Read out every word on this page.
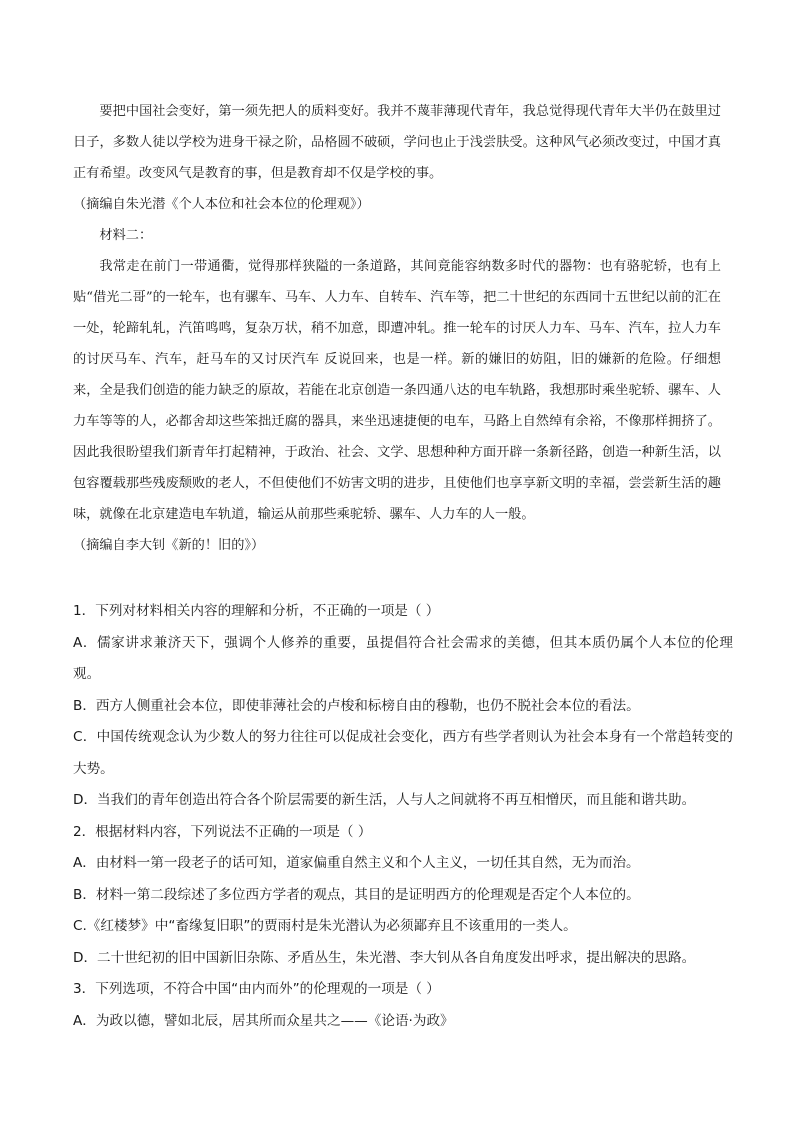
要把中国社会变好，第一须先把人的质料变好。我并不蔑菲薄现代青年，我总觉得现代青年大半仍在鼓里过日子，多数人徒以学校为进身干禄之阶，品格圆不破硕，学问也止于浅尝肤受。这种风气必须改变过，中国才真正有希望。改变风气是教育的事，但是教育却不仅是学校的事。

（摘编自朱光潜《个人本位和社会本位的伦理观》）

材料二：

我常走在前门一带通衢，觉得那样狭隘的一条道路，其间竟能容纳数多时代的器物：也有骆驼轿，也有上贴“借光二哥”的一轮车，也有骡车、马车、人力车、自转车、汽车等，把二十世纪的东西同十五世纪以前的汇在一处，轮蹄轧轧，汽笛鸣鸣，复杂万状，稍不加意，即遭冲轧。推一轮车的讨厌人力车、马车、汽车，拉人力车的讨厌马车、汽车，赶马车的又讨厌汽车 反说回来，也是一样。新的嫌旧的妨阻，旧的嫌新的危险。仔细想来，全是我们创造的能力缺乏的原故，若能在北京创造一条四通八达的电车轨路，我想那时乘坐驼轿、骡车、人力车等等的人，必都舍却这些笨拙迁腐的器具，来坐迅速捷便的电车，马路上自然绰有余裕，不像那样拥挤了。因此我很盼望我们新青年打起精神，于政治、社会、文学、思想种种方面开辟一条新径路，创造一种新生活，以包容覆载那些残废颓败的老人，不但使他们不妨害文明的进步，且使他们也享享新文明的幸福，尝尝新生活的趣味，就像在北京建造电车轨道，输运从前那些乘驼轿、骡车、人力车的人一般。

（摘编自李大钊《新的！旧的》）

1．下列对材料相关内容的理解和分析，不正确的一项是（ ）

A．儒家讲求兼济天下，强调个人修养的重要，虽提倡符合社会需求的美德，但其本质仍属个人本位的伦理观。

B．西方人侧重社会本位，即使菲薄社会的卢梭和标榜自由的穆勒，也仍不脱社会本位的看法。

C．中国传统观念认为少数人的努力往往可以促成社会变化，西方有些学者则认为社会本身有一个常趋转变的大势。

D．当我们的青年创造出符合各个阶层需要的新生活，人与人之间就将不再互相憎厌，而且能和谐共助。

2．根据材料内容，下列说法不正确的一项是（ ）

A．由材料一第一段老子的话可知，道家偏重自然主义和个人主义，一切任其自然，无为而治。

B．材料一第二段综述了多位西方学者的观点，其目的是证明西方的伦理观是否定个人本位的。

C.《红楼梦》中“畜缘复旧职”的贾雨村是朱光潜认为必须鄙弃且不该重用的一类人。

D．二十世纪初的旧中国新旧杂陈、矛盾丛生，朱光潜、李大钊从各自角度发出呼求，提出解决的思路。

3．下列选项，不符合中国“由内而外”的伦理观的一项是（ ）

A．为政以德，譬如北辰，居其所而众星共之——《论语·为政》
